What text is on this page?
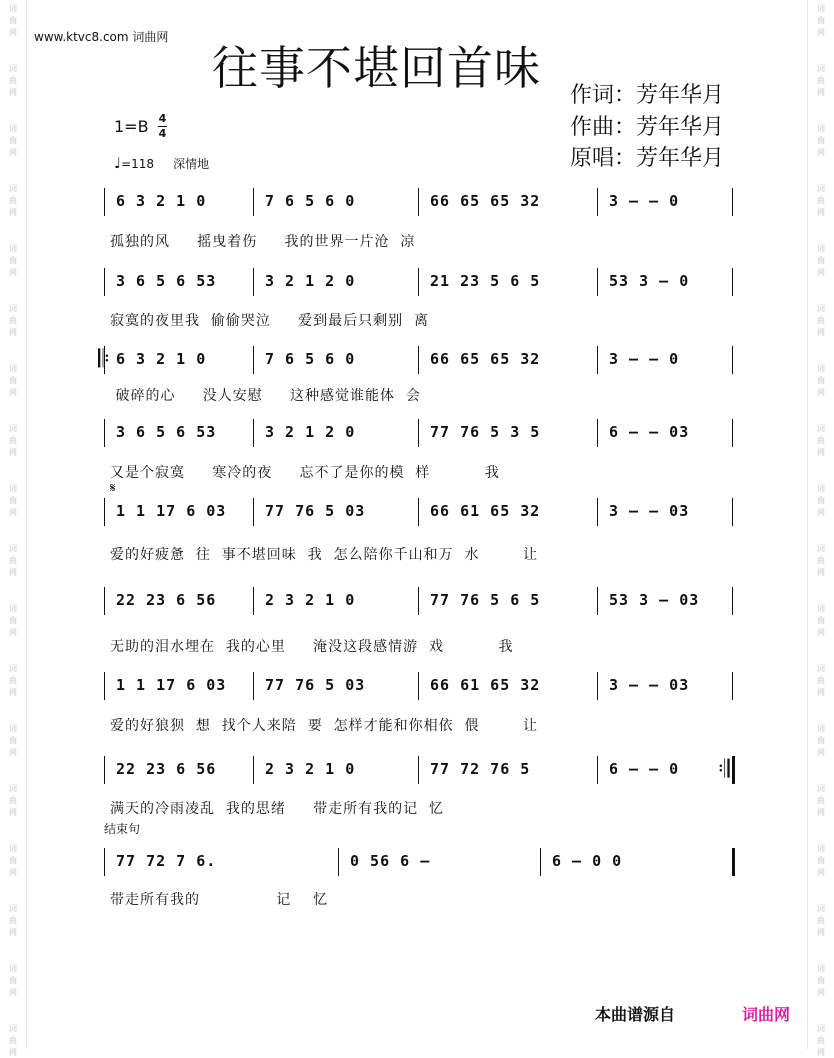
词
曲
网
词
曲
网
词
曲
网
词
曲
网
词
曲
网
词
曲
网
词
曲
网
词
曲
网
词
曲
网
词
曲
网
词
曲
网
词
曲
网
词
曲
网
词
曲
网
词
曲
网
词
曲
网
词
曲
网
词
曲
网
词
曲
网
词
曲
网
词
曲
网
词
曲
网
词
曲
网
词
曲
网
词
曲
网
词
曲
网
词
曲
网
词
曲
网
词
曲
网
词
曲
网
词
曲
网
词
曲
网
词
曲
网
词
曲
网
词
曲
网
词
曲
网
www.ktvc8.com 词曲网
往事不堪回首味
作词：芳年华月
作曲：芳年华月
原唱：芳年华月
1=B 4
4
♩=118 深情地
6 3 2 1 0	7 6 5 6 0	66 65 65 32	3 – – 0
孤独的风     摇曳着伤     我的世界一片沧  凉
3 6 5 6 53	3 2 1 2 0	21 23 5 6 5	53 3 – 0
寂寞的夜里我  偷偷哭泣     爱到最后只剩别  离
6 3 2 1 0	7 6 5 6 0	66 65 65 32	3 – – 0
𝄆
破碎的心     没人安慰     这种感觉谁能体  会
3 6 5 6 53	3 2 1 2 0	77 76 5 3 5	6 – – 03
又是个寂寞     寒冷的夜     忘不了是你的模  样          我
1 1 17 6 03	77 76 5 03	66 61 65 32	3 – – 03
爱的好疲惫  往  事不堪回味  我  怎么陪你千山和万  水        让
22 23 6 56	2 3 2 1 0	77 76 5 6 5	53 3 – 03
无助的泪水埋在  我的心里     淹没这段感情游  戏          我
1 1 17 6 03	77 76 5 03	66 61 65 32	3 – – 03
爱的好狼狈  想  找个人来陪  要  怎样才能和你相依  偎        让
22 23 6 56	2 3 2 1 0	77 72 76 5	6 – – 0 𝄇
满天的冷雨凌乱  我的思绪     带走所有我的记  忆
77 72 7 6.	0 56 6 –	6 – 0 0
带走所有我的              记    忆
𝄋
结束句
本曲谱源自	词曲网
